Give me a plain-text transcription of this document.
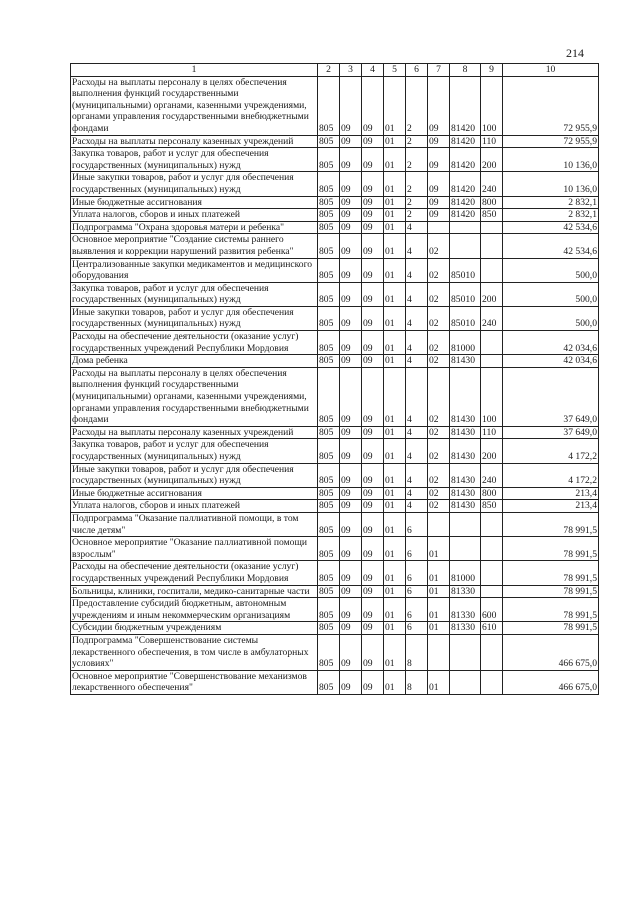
214
1	2	3	4	5	6	7	8	9	10
Расходы на выплаты персоналу в целях обеспечения выполнения функций государственными (муниципальными) органами, казенными учреждениями, органами управления государственными внебюджетными фондами	805	09	09	01	2	09	81420	100	72 955,9
Расходы на выплаты персоналу казенных учреждений	805	09	09	01	2	09	81420	110	72 955,9
Закупка товаров, работ и услуг для обеспечения государственных (муниципальных) нужд	805	09	09	01	2	09	81420	200	10 136,0
Иные закупки товаров, работ и услуг для обеспечения государственных (муниципальных) нужд	805	09	09	01	2	09	81420	240	10 136,0
Иные бюджетные ассигнования	805	09	09	01	2	09	81420	800	2 832,1
Уплата налогов, сборов и иных платежей	805	09	09	01	2	09	81420	850	2 832,1
Подпрограмма "Охрана здоровья матери и ребенка"	805	09	09	01	4				42 534,6
Основное мероприятие "Создание системы раннего выявления и коррекции нарушений развития ребенка"	805	09	09	01	4	02			42 534,6
Централизованные закупки медикаментов и медицинского оборудования	805	09	09	01	4	02	85010		500,0
Закупка товаров, работ и услуг для обеспечения государственных (муниципальных) нужд	805	09	09	01	4	02	85010	200	500,0
Иные закупки товаров, работ и услуг для обеспечения государственных (муниципальных) нужд	805	09	09	01	4	02	85010	240	500,0
Расходы на обеспечение деятельности (оказание услуг) государственных учреждений Республики Мордовия	805	09	09	01	4	02	81000		42 034,6
Дома ребенка	805	09	09	01	4	02	81430		42 034,6
Расходы на выплаты персоналу в целях обеспечения выполнения функций государственными (муниципальными) органами, казенными учреждениями, органами управления государственными внебюджетными фондами	805	09	09	01	4	02	81430	100	37 649,0
Расходы на выплаты персоналу казенных учреждений	805	09	09	01	4	02	81430	110	37 649,0
Закупка товаров, работ и услуг для обеспечения государственных (муниципальных) нужд	805	09	09	01	4	02	81430	200	4 172,2
Иные закупки товаров, работ и услуг для обеспечения государственных (муниципальных) нужд	805	09	09	01	4	02	81430	240	4 172,2
Иные бюджетные ассигнования	805	09	09	01	4	02	81430	800	213,4
Уплата налогов, сборов и иных платежей	805	09	09	01	4	02	81430	850	213,4
Подпрограмма "Оказание паллиативной помощи, в том числе детям"	805	09	09	01	6				78 991,5
Основное мероприятие "Оказание паллиативной помощи взрослым"	805	09	09	01	6	01			78 991,5
Расходы на обеспечение деятельности (оказание услуг) государственных учреждений Республики Мордовия	805	09	09	01	6	01	81000		78 991,5
Больницы, клиники, госпитали, медико-санитарные части	805	09	09	01	6	01	81330		78 991,5
Предоставление субсидий бюджетным, автономным учреждениям и иным некоммерческим организациям	805	09	09	01	6	01	81330	600	78 991,5
Субсидии бюджетным учреждениям	805	09	09	01	6	01	81330	610	78 991,5
Подпрограмма "Совершенствование системы лекарственного обеспечения, в том числе в амбулаторных условиях"	805	09	09	01	8				466 675,0
Основное мероприятие "Совершенствование механизмов лекарственного обеспечения"	805	09	09	01	8	01			466 675,0
